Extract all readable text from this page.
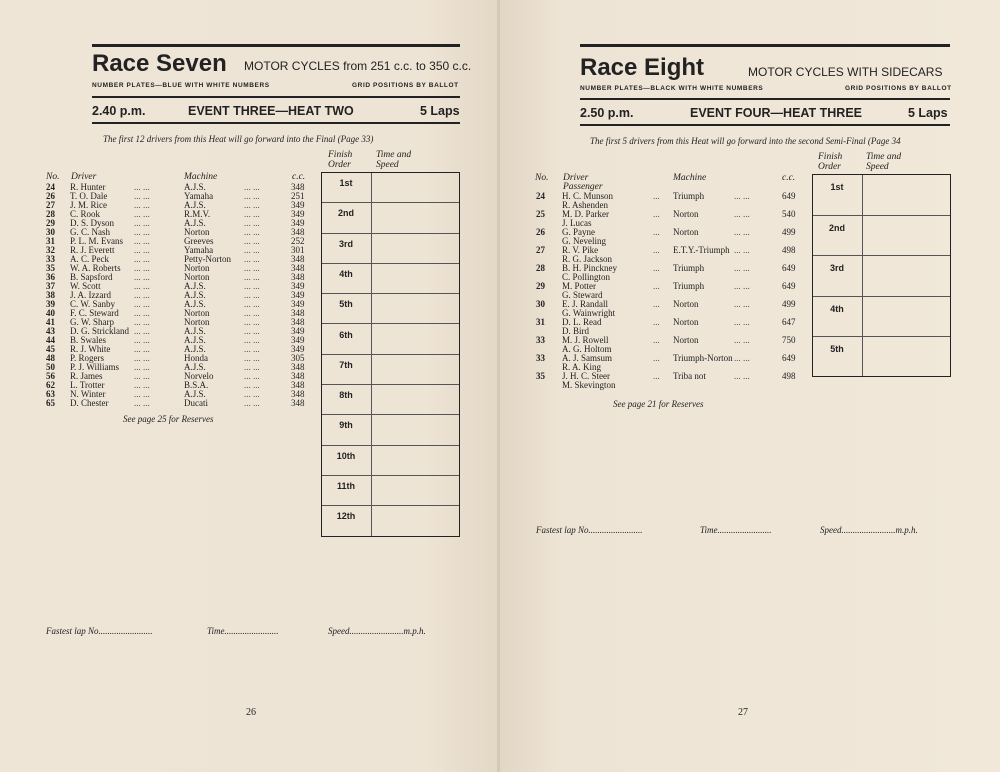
Race Seven MOTOR CYCLES from 251 c.c. to 350 c.c.
NUMBER PLATES—BLUE WITH WHITE NUMBERS	GRID POSITIONS BY BALLOT
2.40 p.m.	EVENT THREE—HEAT TWO	5 Laps
The first 12 drivers from this Heat will go forward into the Final (Page 33)
Finish
Order
Time and
Speed
No. Driver	Machine	c.c.
24 R. Hunter	... ...	A.J.S.	... ...	348
26 T. O. Dale	... ...	Yamaha	... ...	251
27 J. M. Rice	... ...	A.J.S.	... ...	349
28 C. Rook	... ...	R.M.V.	... ...	349
29 D. S. Dyson ... ...	A.J.S.	... ...	349
30 G. C. Nash	... ...	Norton	... ...	348
31 P. L. M. Evans ... ...	Greeves	... ...	252
32 R. J. Everett ... ...	Yamaha	... ...	301
33 A. C. Peck	... ...	Petty-Norton ... ...	348
35 W. A. Roberts ... ...	Norton	... ...	348
36 B. Sapsford ... ...	Norton	... ...	348
37 W. Scott	... ...	A.J.S.	... ...	349
38 J. A. Izzard	... ...	A.J.S.	... ...	349
39 C. W. Sanby ... ...	A.J.S.	... ...	349
40 F. C. Steward ... ...	Norton	... ...	348
41 G. W. Sharp ... ...	Norton	... ...	348
43 D. G. Strickland ... ...	A.J.S.	... ...	349
44 B. Swales	... ...	A.J.S.	... ...	349
45 R. J. White	... ...	A.J.S.	... ...	349
48 P. Rogers	... ...	Honda	... ...	305
50 P. J. Williams ... ...	A.J.S.	... ...	348
56 R. James	... ...	Norvelo	... ...	348
62 L. Trotter	... ...	B.S.A.	... ...	348
63 N. Winter	... ...	A.J.S.	... ...	348
65 D. Chester	... ...	Ducati	... ...	348
See page 25 for Reserves
1st
2nd
3rd
4th
5th
6th
7th
8th
9th
10th
11th
12th
Fastest lap No........................	Time........................	Speed........................m.p.h.
26
Race Eight	MOTOR CYCLES WITH SIDECARS
NUMBER PLATES—BLACK WITH WHITE NUMBERS	GRID POSITIONS BY BALLOT
2.50 p.m.	EVENT FOUR—HEAT THREE	5 Laps
The first 5 drivers from this Heat will go forward into the second Semi-Final (Page 34
Finish
Order
Time and
Speed
No. Driver
Passenger
Machine	c.c.
24 H. C. Munson
R. Ashenden
... Triumph	... ...	649
25 M. D. Parker
J. Lucas
... Norton	... ...	540
26 G. Payne
G. Neveling
... Norton	... ...	499
27 R. V. Pike
R. G. Jackson
... E.T.Y.-Triumph ... ...	498
28 B. H. Pinckney
C. Pollington
... Triumph	... ...	649
29 M. Potter
G. Steward
... Triumph	... ...	649
30 E. J. Randall
G. Wainwright
... Norton	... ...	499
31 D. L. Read
D. Bird
... Norton	... ...	647
33 M. J. Rowell
A. G. Holtom
... Norton	... ...	750
33 A. J. Samsum
R. A. King
... Triumph-Norton ... ...	649
35 J. H. C. Steer
M. Skevington
... Triba not	... ...	498
See page 21 for Reserves
1st
2nd
3rd
4th
5th
Fastest lap No........................	Time........................	Speed........................m.p.h.
27
